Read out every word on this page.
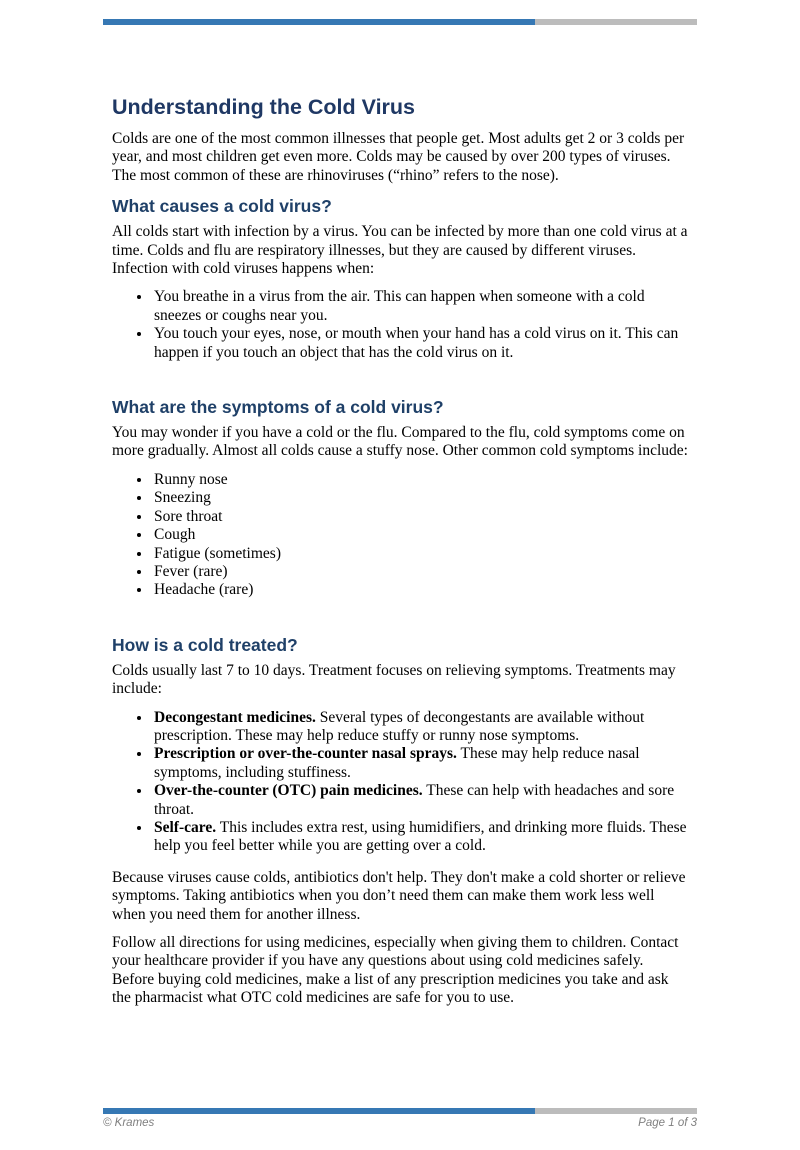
Understanding the Cold Virus

Colds are one of the most common illnesses that people get. Most adults get 2 or 3 colds per year, and most children get even more. Colds may be caused by over 200 types of viruses. The most common of these are rhinoviruses (“rhino” refers to the nose).

What causes a cold virus?

All colds start with infection by a virus. You can be infected by more than one cold virus at a time. Colds and flu are respiratory illnesses, but they are caused by different viruses. Infection with cold viruses happens when:

• You breathe in a virus from the air. This can happen when someone with a cold sneezes or coughs near you.
• You touch your eyes, nose, or mouth when your hand has a cold virus on it. This can happen if you touch an object that has the cold virus on it.
What are the symptoms of a cold virus?

You may wonder if you have a cold or the flu. Compared to the flu, cold symptoms come on more gradually. Almost all colds cause a stuffy nose. Other common cold symptoms include:

• Runny nose
• Sneezing
• Sore throat
• Cough
• Fatigue (sometimes)
• Fever (rare)
• Headache (rare)
How is a cold treated?

Colds usually last 7 to 10 days. Treatment focuses on relieving symptoms. Treatments may include:

• Decongestant medicines. Several types of decongestants are available without prescription. These may help reduce stuffy or runny nose symptoms.
• Prescription or over-the-counter nasal sprays. These may help reduce nasal symptoms, including stuffiness.
• Over-the-counter (OTC) pain medicines. These can help with headaches and sore throat.
• Self-care. This includes extra rest, using humidifiers, and drinking more fluids. These help you feel better while you are getting over a cold.

Because viruses cause colds, antibiotics don't help. They don't make a cold shorter or relieve symptoms. Taking antibiotics when you don’t need them can make them work less well when you need them for another illness.

Follow all directions for using medicines, especially when giving them to children. Contact your healthcare provider if you have any questions about using cold medicines safely. Before buying cold medicines, make a list of any prescription medicines you take and ask the pharmacist what OTC cold medicines are safe for you to use.

© Krames	Page 1 of 3
